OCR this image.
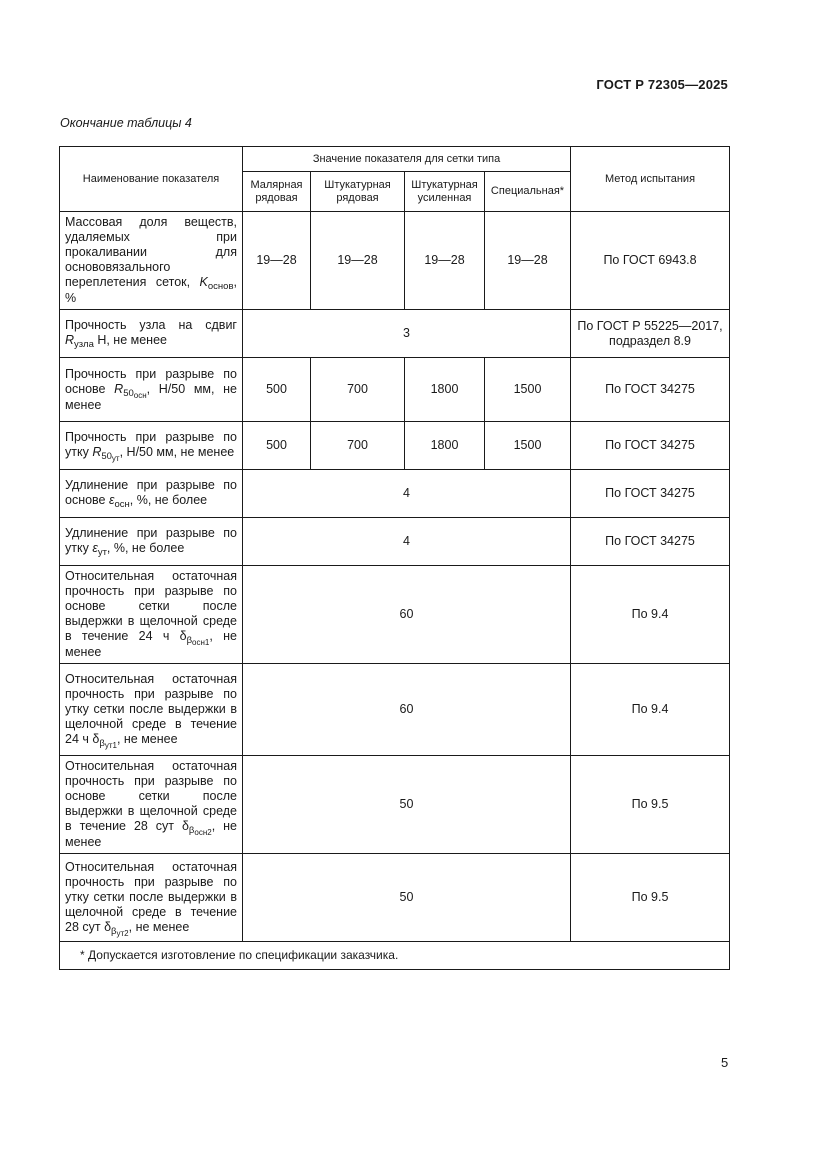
ГОСТ Р 72305—2025
Окончание таблицы 4
Наименование показателя	Значение показателя для сетки типа				Метод испытания
	Малярная рядовая	Штукатурная рядовая	Штукатурная усиленная	Специальная*	
Массовая доля веществ, удаляемых при прокаливании для основовязального переплетения сеток, $K_{основ}$, %	19—28	19—28	19—28	19—28	По ГОСТ 6943.8
Прочность узла на сдвиг $R_{узла}$ Н, не менее	3				По ГОСТ Р 55225—2017, подраздел 8.9
Прочность при разрыве по основе $R_{50осн}$, Н/50 мм, не менее	500	700	1800	1500	По ГОСТ 34275
Прочность при разрыве по утку $R_{50ут}$, Н/50 мм, не менее	500	700	1800	1500	По ГОСТ 34275
Удлинение при разрыве по основе $\varepsilon_{осн}$, %, не более	4				По ГОСТ 34275
Удлинение при разрыве по утку $\varepsilon_{ут}$, %, не более	4				По ГОСТ 34275
Относительная остаточная прочность при разрыве по основе сетки после выдержки в щелочной среде в течение 24 ч $\delta_{\beta осн1}$, не менее	60				По 9.4
Относительная остаточная прочность при разрыве по утку сетки после выдержки в щелочной среде в течение 24 ч $\delta_{\beta ут1}$, не менее	60				По 9.4
Относительная остаточная прочность при разрыве по основе сетки после выдержки в щелочной среде в течение 28 сут $\delta_{\beta осн2}$, не менее	50				По 9.5
Относительная остаточная прочность при разрыве по утку сетки после выдержки в щелочной среде в течение 28 сут $\delta_{\beta ут2}$, не менее	50				По 9.5
* Допускается изготовление по спецификации заказчика.					
5
